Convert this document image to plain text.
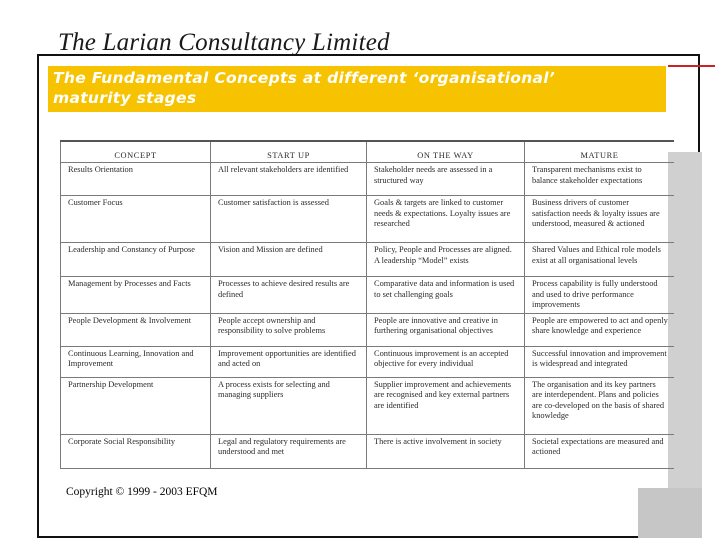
The Larian Consultancy Limited
The Fundamental Concepts at different ‘organisational’
maturity stages
CONCEPT	START UP	ON THE WAY	MATURE
Results Orientation	All relevant stakeholders are identified	Stakeholder needs are assessed in a structured way	Transparent mechanisms exist to balance stakeholder expectations
Customer Focus	Customer satisfaction is assessed	Goals & targets are linked to customer needs & expectations. Loyalty issues are researched	Business drivers of customer satisfaction needs & loyalty issues are understood, measured & actioned
Leadership and Constancy of Purpose	Vision and Mission are defined	Policy, People and Processes are aligned. A leadership “Model” exists	Shared Values and Ethical role models exist at all organisational levels
Management by Processes and Facts	Processes to achieve desired results are defined	Comparative data and information is used to set challenging goals	Process capability is fully understood and used to drive performance improvements
People Development & Involvement	People accept ownership and responsibility to solve problems	People are innovative and creative in furthering organisational objectives	People are empowered to act and openly share knowledge and experience
Continuous Learning, Innovation and Improvement	Improvement opportunities are identified and acted on	Continuous improvement is an accepted objective for every individual	Successful innovation and improvement is widespread and integrated
Partnership Development	A process exists for selecting and managing suppliers	Supplier improvement and achievements are recognised and key external partners are identified	The organisation and its key partners are interdependent. Plans and policies are co-developed on the basis of shared knowledge
Corporate Social Responsibility	Legal and regulatory requirements are understood and met	There is active involvement in society	Societal expectations are measured and actioned
Copyright © 1999 - 2003 EFQM
